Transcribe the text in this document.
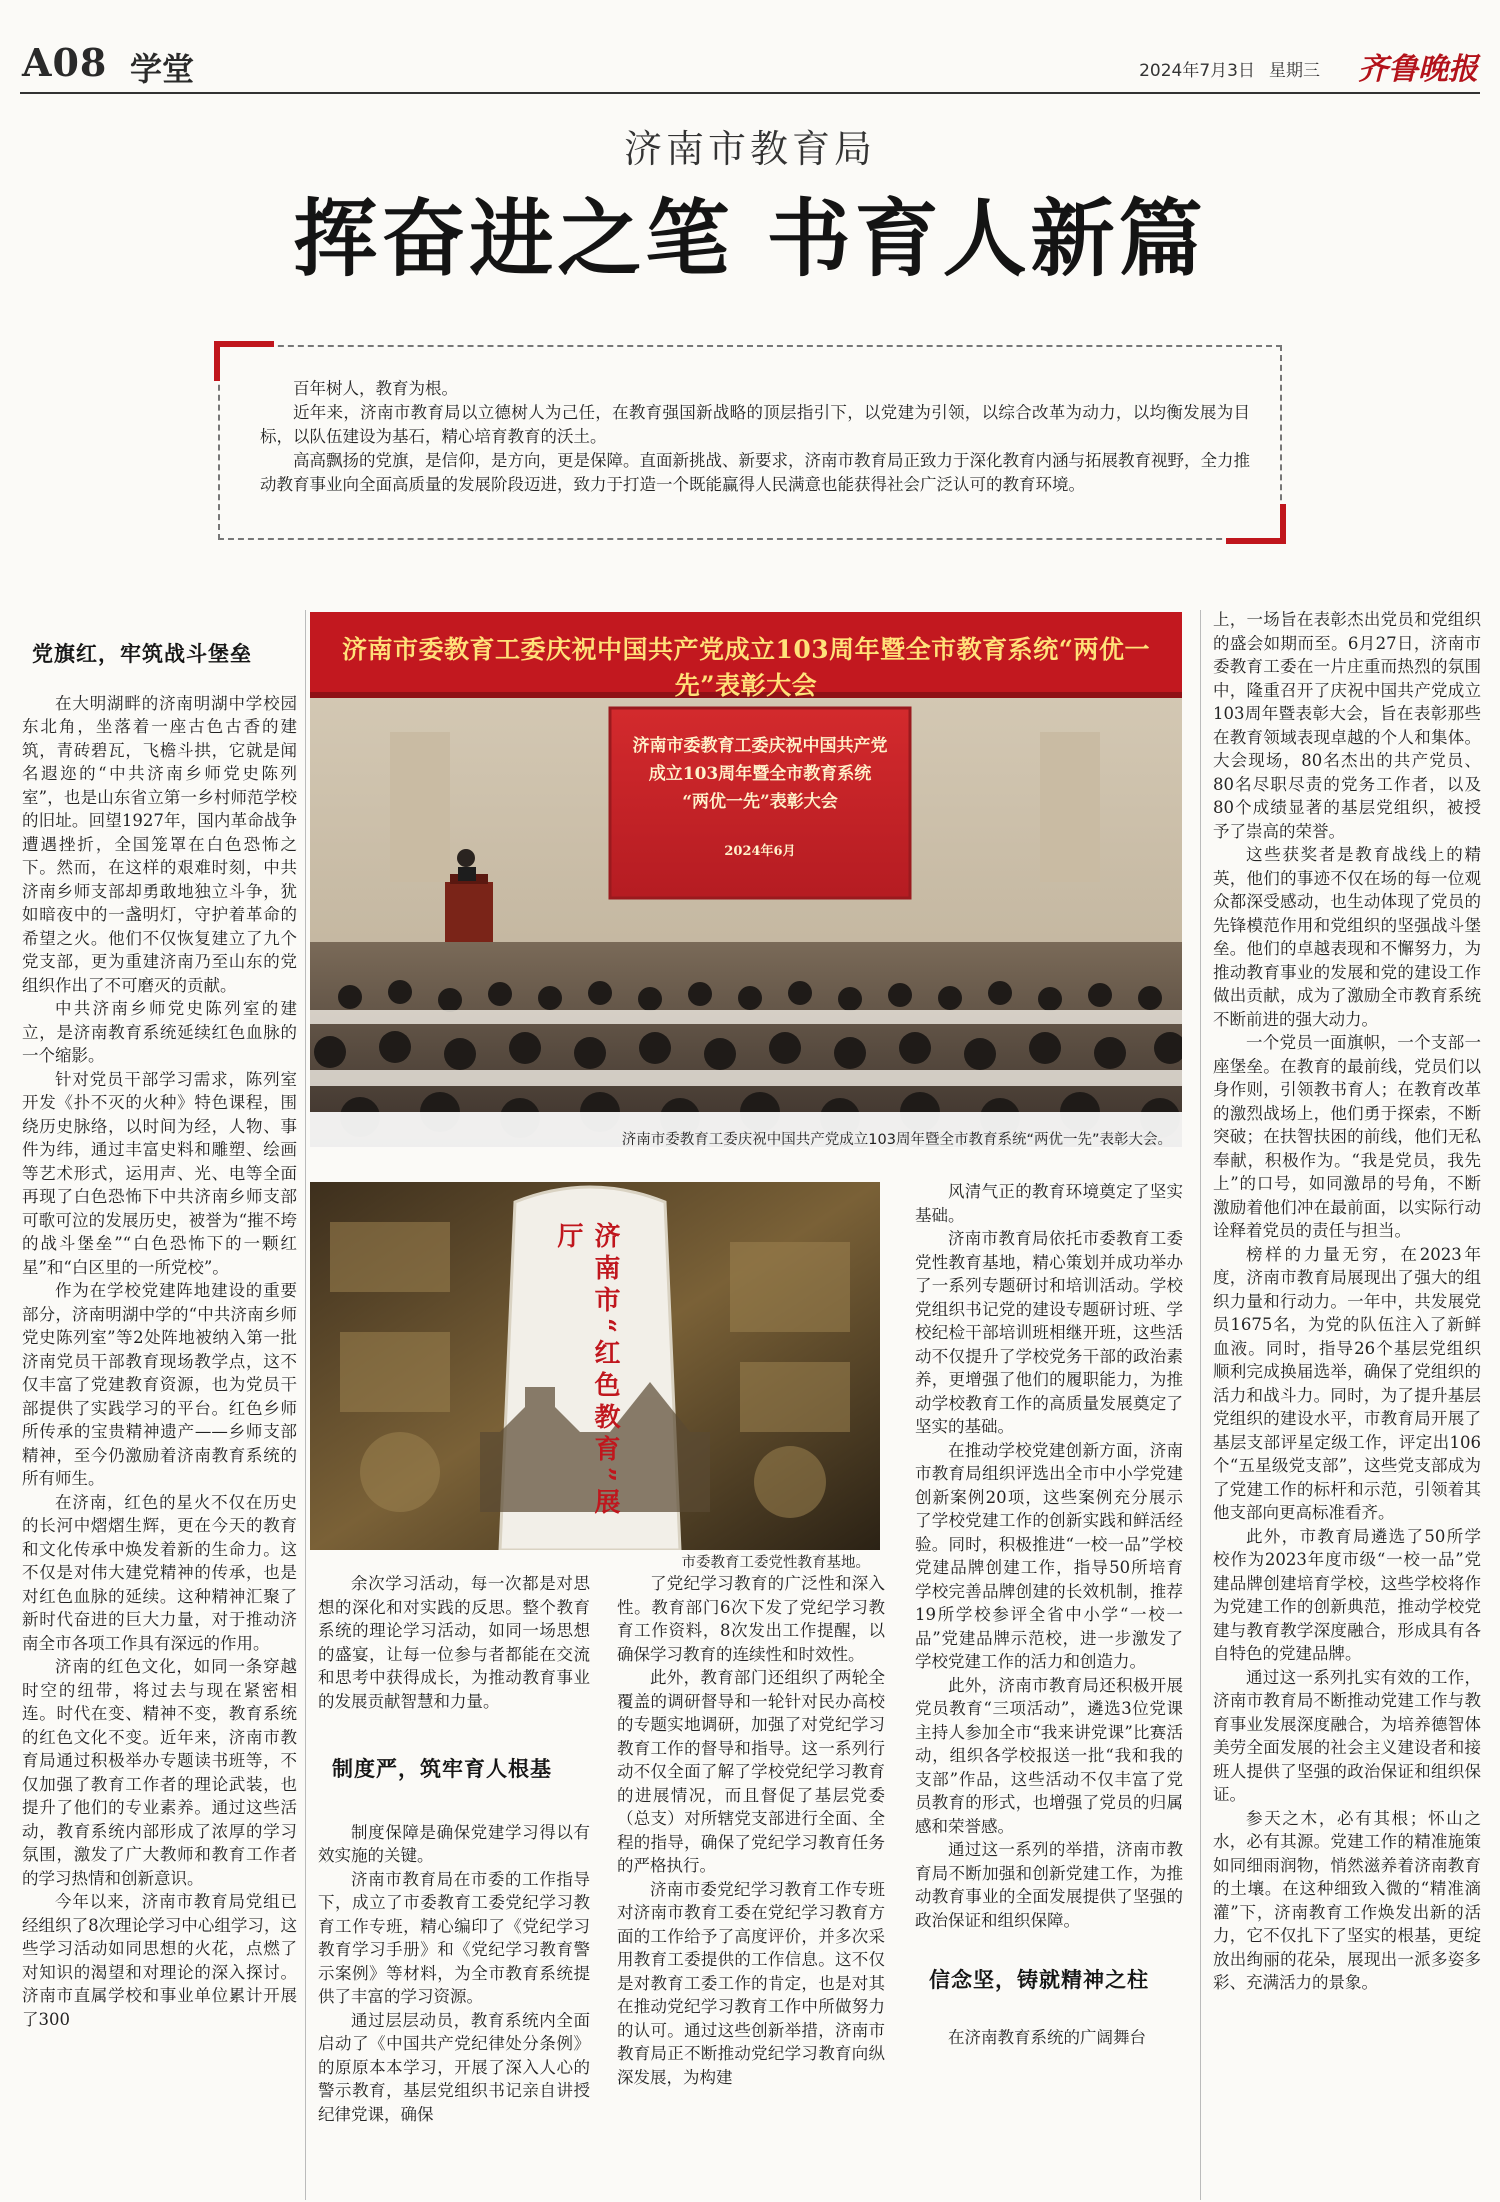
A08 学堂	2024年7月3日 星期三 齐鲁晚报
济南市教育局
挥奋进之笔 书育人新篇

百年树人，教育为根。

近年来，济南市教育局以立德树人为己任，在教育强国新战略的顶层指引下，以党建为引领，以综合改革为动力，以均衡发展为目标，以队伍建设为基石，精心培育教育的沃土。

高高飘扬的党旗，是信仰，是方向，更是保障。直面新挑战、新要求，济南市教育局正致力于深化教育内涵与拓展教育视野，全力推动教育事业向全面高质量的发展阶段迈进，致力于打造一个既能赢得人民满意也能获得社会广泛认可的教育环境。

党旗红，牢筑战斗堡垒

在大明湖畔的济南明湖中学校园东北角，坐落着一座古色古香的建筑，青砖碧瓦，飞檐斗拱，它就是闻名遐迩的“中共济南乡师党史陈列室”，也是山东省立第一乡村师范学校的旧址。回望1927年，国内革命战争遭遇挫折，全国笼罩在白色恐怖之下。然而，在这样的艰难时刻，中共济南乡师支部却勇敢地独立斗争，犹如暗夜中的一盏明灯，守护着革命的希望之火。他们不仅恢复建立了九个党支部，更为重建济南乃至山东的党组织作出了不可磨灭的贡献。

中共济南乡师党史陈列室的建立，是济南教育系统延续红色血脉的一个缩影。

针对党员干部学习需求，陈列室开发《扑不灭的火种》特色课程，围绕历史脉络，以时间为经，人物、事件为纬，通过丰富史料和雕塑、绘画等艺术形式，运用声、光、电等全面再现了白色恐怖下中共济南乡师支部可歌可泣的发展历史，被誉为“摧不垮的战斗堡垒”“白色恐怖下的一颗红星”和“白区里的一所党校”。

作为在学校党建阵地建设的重要部分，济南明湖中学的“中共济南乡师党史陈列室”等2处阵地被纳入第一批济南党员干部教育现场教学点，这不仅丰富了党建教育资源，也为党员干部提供了实践学习的平台。红色乡师所传承的宝贵精神遗产——乡师支部精神，至今仍激励着济南教育系统的所有师生。

在济南，红色的星火不仅在历史的长河中熠熠生辉，更在今天的教育和文化传承中焕发着新的生命力。这不仅是对伟大建党精神的传承，也是对红色血脉的延续。这种精神汇聚了新时代奋进的巨大力量，对于推动济南全市各项工作具有深远的作用。

济南的红色文化，如同一条穿越时空的纽带，将过去与现在紧密相连。时代在变、精神不变，教育系统的红色文化不变。近年来，济南市教育局通过积极举办专题读书班等，不仅加强了教育工作者的理论武装，也提升了他们的专业素养。通过这些活动，教育系统内部形成了浓厚的学习氛围，激发了广大教师和教育工作者的学习热情和创新意识。

今年以来，济南市教育局党组已经组织了8次理论学习中心组学习，这些学习活动如同思想的火花，点燃了对知识的渴望和对理论的深入探讨。济南市直属学校和事业单位累计开展了300

济南市委教育工委庆祝中国共产党成立103周年暨全市教育系统“两优一先”表彰大会
济南市委教育工委庆祝中国共产党
成立103周年暨全市教育系统
“两优一先”表彰大会
2024年6月
济南市委教育工委庆祝中国共产党成立103周年暨全市教育系统“两优一先”表彰大会。
济南市“红色教育”展厅
市委教育工委党性教育基地。

余次学习活动，每一次都是对思想的深化和对实践的反思。整个教育系统的理论学习活动，如同一场思想的盛宴，让每一位参与者都能在交流和思考中获得成长，为推动教育事业的发展贡献智慧和力量。

制度严，筑牢育人根基

制度保障是确保党建学习得以有效实施的关键。

济南市教育局在市委的工作指导下，成立了市委教育工委党纪学习教育工作专班，精心编印了《党纪学习教育学习手册》和《党纪学习教育警示案例》等材料，为全市教育系统提供了丰富的学习资源。

通过层层动员，教育系统内全面启动了《中国共产党纪律处分条例》的原原本本学习，开展了深入人心的警示教育，基层党组织书记亲自讲授纪律党课，确保

了党纪学习教育的广泛性和深入性。教育部门6次下发了党纪学习教育工作资料，8次发出工作提醒，以确保学习教育的连续性和时效性。

此外，教育部门还组织了两轮全覆盖的调研督导和一轮针对民办高校的专题实地调研，加强了对党纪学习教育工作的督导和指导。这一系列行动不仅全面了解了学校党纪学习教育的进展情况，而且督促了基层党委（总支）对所辖党支部进行全面、全程的指导，确保了党纪学习教育任务的严格执行。

济南市委党纪学习教育工作专班对济南市教育工委在党纪学习教育方面的工作给予了高度评价，并多次采用教育工委提供的工作信息。这不仅是对教育工委工作的肯定，也是对其在推动党纪学习教育工作中所做努力的认可。通过这些创新举措，济南市教育局正不断推动党纪学习教育向纵深发展，为构建

风清气正的教育环境奠定了坚实基础。

济南市教育局依托市委教育工委党性教育基地，精心策划并成功举办了一系列专题研讨和培训活动。学校党组织书记党的建设专题研讨班、学校纪检干部培训班相继开班，这些活动不仅提升了学校党务干部的政治素养，更增强了他们的履职能力，为推动学校教育工作的高质量发展奠定了坚实的基础。

在推动学校党建创新方面，济南市教育局组织评选出全市中小学党建创新案例20项，这些案例充分展示了学校党建工作的创新实践和鲜活经验。同时，积极推进“一校一品”学校党建品牌创建工作，指导50所培育学校完善品牌创建的长效机制，推荐19所学校参评全省中小学“一校一品”党建品牌示范校，进一步激发了学校党建工作的活力和创造力。

此外，济南市教育局还积极开展党员教育“三项活动”，遴选3位党课主持人参加全市“我来讲党课”比赛活动，组织各学校报送一批“我和我的支部”作品，这些活动不仅丰富了党员教育的形式，也增强了党员的归属感和荣誉感。

通过这一系列的举措，济南市教育局不断加强和创新党建工作，为推动教育事业的全面发展提供了坚强的政治保证和组织保障。

信念坚，铸就精神之柱

在济南教育系统的广阔舞台

上，一场旨在表彰杰出党员和党组织的盛会如期而至。6月27日，济南市委教育工委在一片庄重而热烈的氛围中，隆重召开了庆祝中国共产党成立103周年暨表彰大会，旨在表彰那些在教育领域表现卓越的个人和集体。大会现场，80名杰出的共产党员、80名尽职尽责的党务工作者，以及80个成绩显著的基层党组织，被授予了崇高的荣誉。

这些获奖者是教育战线上的精英，他们的事迹不仅在场的每一位观众都深受感动，也生动体现了党员的先锋模范作用和党组织的坚强战斗堡垒。他们的卓越表现和不懈努力，为推动教育事业的发展和党的建设工作做出贡献，成为了激励全市教育系统不断前进的强大动力。

一个党员一面旗帜，一个支部一座堡垒。在教育的最前线，党员们以身作则，引领教书育人；在教育改革的激烈战场上，他们勇于探索，不断突破；在扶智扶困的前线，他们无私奉献，积极作为。“我是党员，我先上”的口号，如同激昂的号角，不断激励着他们冲在最前面，以实际行动诠释着党员的责任与担当。

榜样的力量无穷，在2023年度，济南市教育局展现出了强大的组织力量和行动力。一年中，共发展党员1675名，为党的队伍注入了新鲜血液。同时，指导26个基层党组织顺利完成换届选举，确保了党组织的活力和战斗力。同时，为了提升基层党组织的建设水平，市教育局开展了基层支部评星定级工作，评定出106个“五星级党支部”，这些党支部成为了党建工作的标杆和示范，引领着其他支部向更高标准看齐。

此外，市教育局遴选了50所学校作为2023年度市级“一校一品”党建品牌创建培育学校，这些学校将作为党建工作的创新典范，推动学校党建与教育教学深度融合，形成具有各自特色的党建品牌。

通过这一系列扎实有效的工作，济南市教育局不断推动党建工作与教育事业发展深度融合，为培养德智体美劳全面发展的社会主义建设者和接班人提供了坚强的政治保证和组织保证。

参天之木，必有其根；怀山之水，必有其源。党建工作的精准施策如同细雨润物，悄然滋养着济南教育的土壤。在这种细致入微的“精准滴灌”下，济南教育工作焕发出新的活力，它不仅扎下了坚实的根基，更绽放出绚丽的花朵，展现出一派多姿多彩、充满活力的景象。
